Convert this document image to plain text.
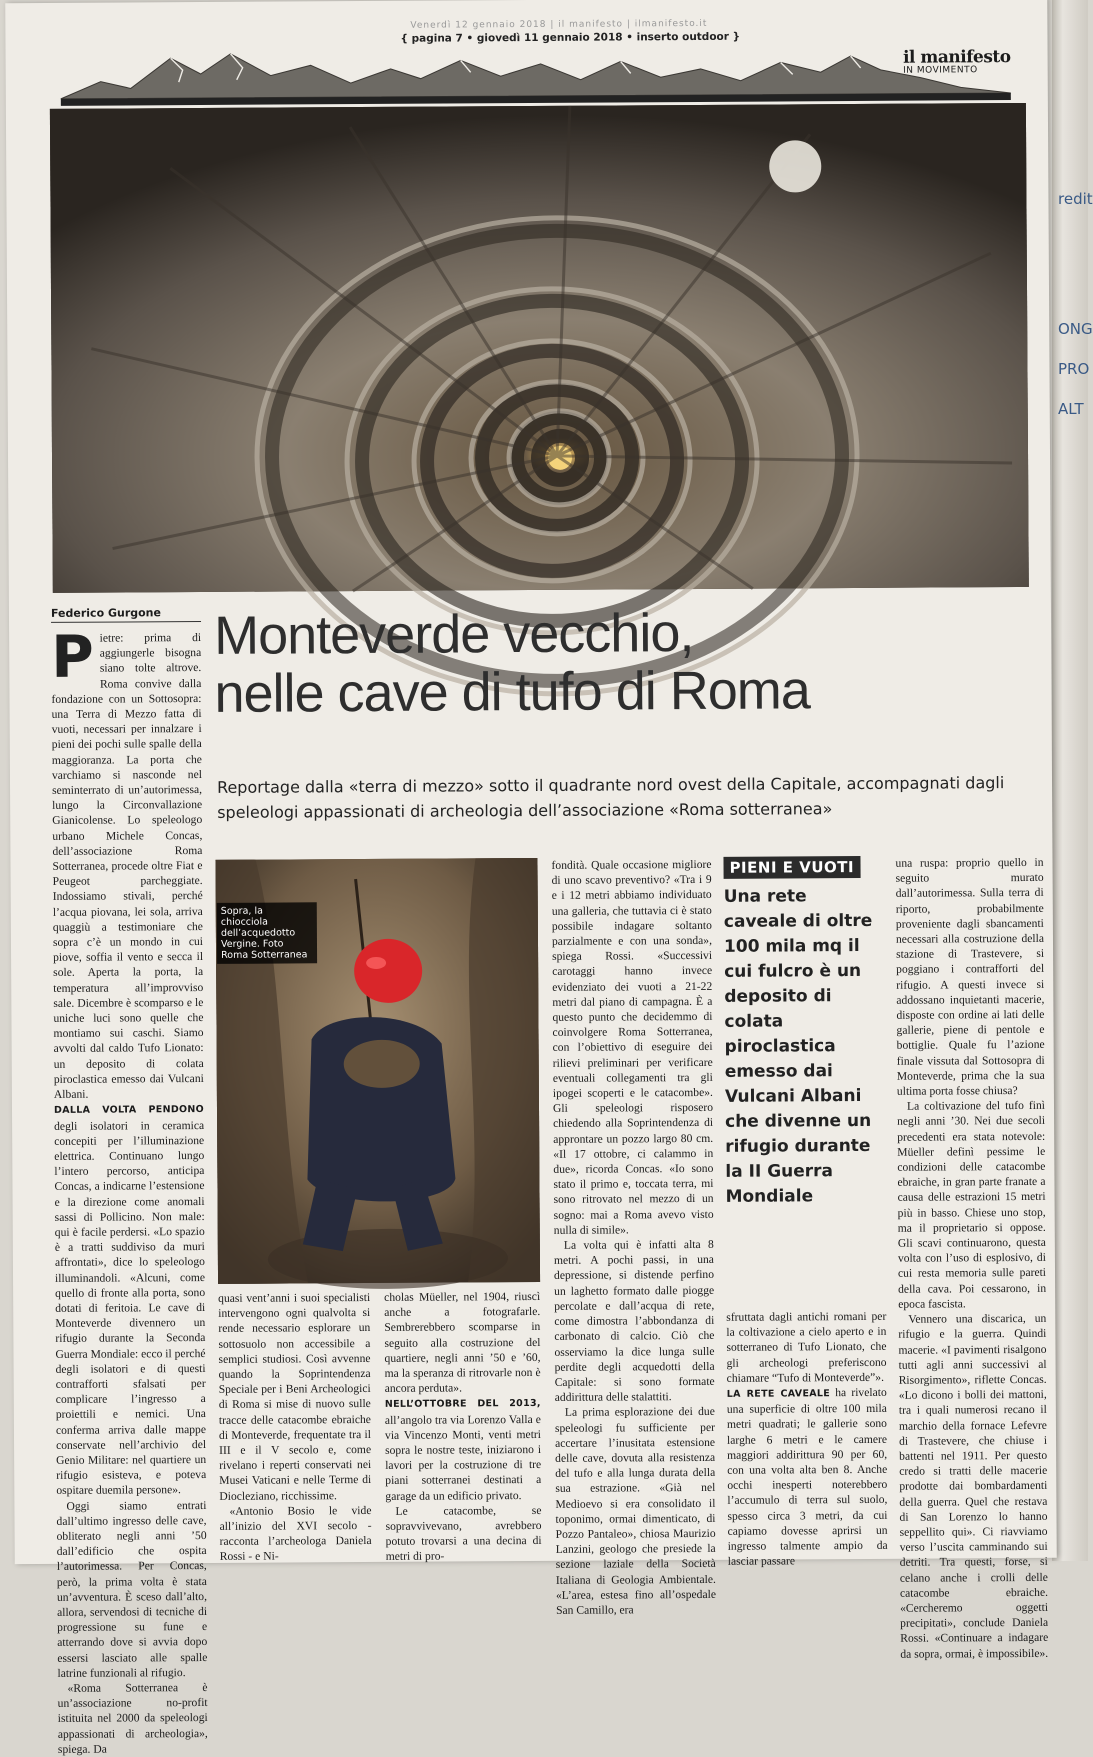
redit
ONG
PRO
ALT
Venerdì 12 gennaio 2018 | il manifesto | ilmanifesto.it
{ pagina 7 • giovedì 11 gennaio 2018 • inserto outdoor }
il manifesto
IN MOVIMENTO
Federico Gurgone Monteverde vecchio,
nelle cave di tufo di Roma
Reportage dalla «terra di mezzo» sotto il quadrante nord ovest della Capitale, accompagnati dagli speleologi appassionati di archeologia dell’associazione «Roma sotterranea»
P ietre: prima di aggiungerle bisogna siano tolte altrove. Roma convive dalla fondazione con un Sottosopra: una Terra di Mezzo fatta di vuoti, necessari per innalzare i pieni dei pochi sulle spalle della maggioranza. La porta che varchiamo si nasconde nel seminterrato di un’autorimessa, lungo la Circonvallazione Gianicolense. Lo speleologo urbano Michele Concas, dell’associazione Roma Sotterranea, procede oltre Fiat e Peugeot parcheggiate. Indossiamo stivali, perché l’acqua piovana, lei sola, arriva quaggiù a testimoniare che sopra c’è un mondo in cui piove, soffia il vento e secca il sole. Aperta la porta, la temperatura all’improvviso sale. Dicembre è scomparso e le uniche luci sono quelle che montiamo sui caschi. Siamo avvolti dal caldo Tufo Lionato: un deposito di colata piroclastica emesso dai Vulcani Albani.

DALLA VOLTA PENDONO degli isolatori in ceramica concepiti per l’illuminazione elettrica. Continuano lungo l’intero percorso, anticipa Concas, a indicarne l’estensione e la direzione come anomali sassi di Pollicino. Non male: qui è facile perdersi. «Lo spazio è a tratti suddiviso da muri affrontati», dice lo speleologo illuminandoli. «Alcuni, come quello di fronte alla porta, sono dotati di feritoia. Le cave di Monteverde divennero un rifugio durante la Seconda Guerra Mondiale: ecco il perché degli isolatori e di questi contrafforti sfalsati per complicare l’ingresso a proiettili e nemici. Una conferma arriva dalle mappe conservate nell’archivio del Genio Militare: nel quartiere un rifugio esisteva, e poteva ospitare duemila persone».

Oggi siamo entrati dall’ultimo ingresso delle cave, obliterato negli anni ’50 dall’edificio che ospita l’autorimessa. Per Concas, però, la prima volta è stata un’avventura. È sceso dall’alto, allora, servendosi di tecniche di progressione su fune e atterrando dove si avvia dopo essersi lasciato alle spalle latrine funzionali al rifugio.

«Roma Sotterranea è un’associazione no-profit istituita nel 2000 da speleologi appassionati di archeologia», spiega. Da

Sopra, la chiocciola dell’acquedotto Vergine. Foto Roma Sotterranea

quasi vent’anni i suoi specialisti intervengono ogni qualvolta si rende necessario esplorare un sottosuolo non accessibile a semplici studiosi. Così avvenne quando la Soprintendenza Speciale per i Beni Archeologici di Roma si mise di nuovo sulle tracce delle catacombe ebraiche di Monteverde, frequentate tra il III e il V secolo e, come rivelano i reperti conservati nei Musei Vaticani e nelle Terme di Diocleziano, ricchissime.

«Antonio Bosio le vide all’inizio del XVI secolo - racconta l’archeologa Daniela Rossi - e Ni-

cholas Müeller, nel 1904, riuscì anche a fotografarle. Sembrerebbero scomparse in seguito alla costruzione del quartiere, negli anni ’50 e ’60, ma la speranza di ritrovarle non è ancora perduta».

NELL’OTTOBRE DEL 2013, all’angolo tra via Lorenzo Valla e via Vincenzo Monti, venti metri sopra le nostre teste, iniziarono i lavori per la costruzione di tre piani sotterranei destinati a garage da un edificio privato.

Le catacombe, se sopravvivevano, avrebbero potuto trovarsi a una decina di metri di pro-

fondità. Quale occasione migliore di uno scavo preventivo? «Tra i 9 e i 12 metri abbiamo individuato una galleria, che tuttavia ci è stato possibile indagare soltanto parzialmente e con una sonda», spiega Rossi. «Successivi carotaggi hanno invece evidenziato dei vuoti a 21-22 metri dal piano di campagna. È a questo punto che decidemmo di coinvolgere Roma Sotterranea, con l’obiettivo di eseguire dei rilievi preliminari per verificare eventuali collegamenti tra gli ipogei scoperti e le catacombe». Gli speleologi risposero chiedendo alla Soprintendenza di approntare un pozzo largo 80 cm. «Il 17 ottobre, ci calammo in due», ricorda Concas. «Io sono stato il primo e, toccata terra, mi sono ritrovato nel mezzo di un sogno: mai a Roma avevo visto nulla di simile».

La volta qui è infatti alta 8 metri. A pochi passi, in una depressione, si distende perfino un laghetto formato dalle piogge percolate e dall’acqua di rete, come dimostra l’abbondanza di carbonato di calcio. Ciò che osserviamo la dice lunga sulle perdite degli acquedotti della Capitale: si sono formate addirittura delle stalattiti.

La prima esplorazione dei due speleologi fu sufficiente per accertare l’inusitata estensione delle cave, dovuta alla resistenza del tufo e alla lunga durata della sua estrazione. «Già nel Medioevo si era consolidato il toponimo, ormai dimenticato, di Pozzo Pantaleo», chiosa Maurizio Lanzini, geologo che presiede la sezione laziale della Società Italiana di Geologia Ambientale. «L’area, estesa fino all’ospedale San Camillo, era

PIENI E VUOTI
Una rete caveale di oltre 100 mila mq il cui fulcro è un deposito di colata piroclastica emesso dai Vulcani Albani che divenne un rifugio durante la II Guerra Mondiale

sfruttata dagli antichi romani per la coltivazione a cielo aperto e in sotterraneo di Tufo Lionato, che gli archeologi preferiscono chiamare “Tufo di Monteverde”».

LA RETE CAVEALE ha rivelato una superficie di oltre 100 mila metri quadrati; le gallerie sono larghe 6 metri e le camere maggiori addirittura 90 per 60, con una volta alta ben 8. Anche occhi inesperti noterebbero l’accumulo di terra sul suolo, spesso circa 3 metri, da cui capiamo dovesse aprirsi un ingresso talmente ampio da lasciar passare

una ruspa: proprio quello in seguito murato dall’autorimessa. Sulla terra di riporto, probabilmente proveniente dagli sbancamenti necessari alla costruzione della stazione di Trastevere, si poggiano i contrafforti del rifugio. A questi invece si addossano inquietanti macerie, disposte con ordine ai lati delle gallerie, piene di pentole e bottiglie. Quale fu l’azione finale vissuta dal Sottosopra di Monteverde, prima che la sua ultima porta fosse chiusa?

La coltivazione del tufo finì negli anni ’30. Nei due secoli precedenti era stata notevole: Müeller definì pessime le condizioni delle catacombe ebraiche, in gran parte franate a causa delle estrazioni 15 metri più in basso. Chiese uno stop, ma il proprietario si oppose. Gli scavi continuarono, questa volta con l’uso di esplosivo, di cui resta memoria sulle pareti della cava. Poi cessarono, in epoca fascista.

Vennero una discarica, un rifugio e la guerra. Quindi macerie. «I pavimenti risalgono tutti agli anni successivi al Risorgimento», riflette Concas. «Lo dicono i bolli dei mattoni, tra i quali numerosi recano il marchio della fornace Lefevre di Trastevere, che chiuse i battenti nel 1911. Per questo credo si tratti delle macerie prodotte dai bombardamenti della guerra. Quel che restava di San Lorenzo lo hanno seppellito qui». Ci riavviamo verso l’uscita camminando sui detriti. Tra questi, forse, si celano anche i crolli delle catacombe ebraiche. «Cercheremo oggetti precipitati», conclude Daniela Rossi. «Continuare a indagare da sopra, ormai, è impossibile».
